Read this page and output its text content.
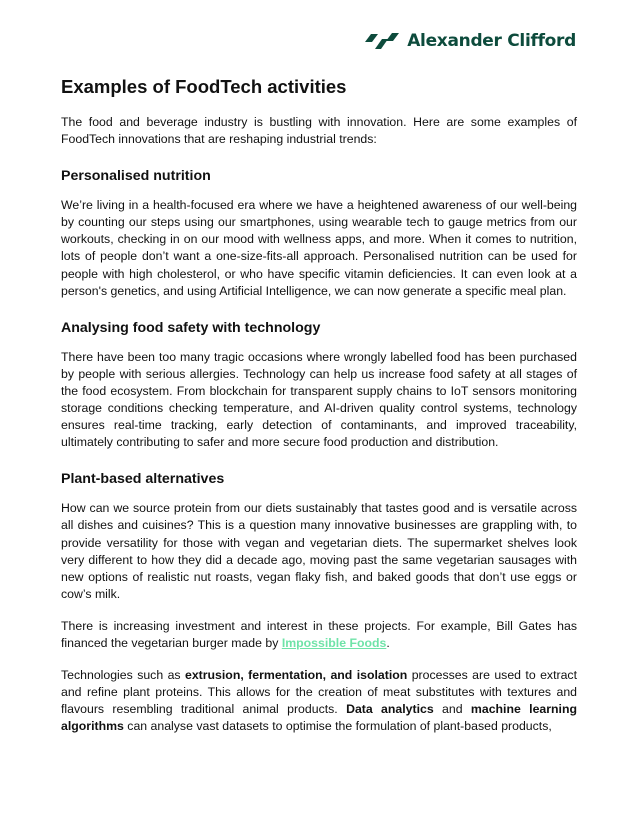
Alexander Clifford
Examples of FoodTech activities

The food and beverage industry is bustling with innovation. Here are some examples of FoodTech innovations that are reshaping industrial trends:

Personalised nutrition

We’re living in a health-focused era where we have a heightened awareness of our well-being by counting our steps using our smartphones, using wearable tech to gauge metrics from our workouts, checking in on our mood with wellness apps, and more. When it comes to nutrition, lots of people don’t want a one-size-fits-all approach. Personalised nutrition can be used for people with high cholesterol, or who have specific vitamin deficiencies. It can even look at a person's genetics, and using Artificial Intelligence, we can now generate a specific meal plan.

Analysing food safety with technology

There have been too many tragic occasions where wrongly labelled food has been purchased by people with serious allergies. Technology can help us increase food safety at all stages of the food ecosystem. From blockchain for transparent supply chains to IoT sensors monitoring storage conditions checking temperature, and AI-driven quality control systems, technology ensures real-time tracking, early detection of contaminants, and improved traceability, ultimately contributing to safer and more secure food production and distribution.

Plant-based alternatives

How can we source protein from our diets sustainably that tastes good and is versatile across all dishes and cuisines? This is a question many innovative businesses are grappling with, to provide versatility for those with vegan and vegetarian diets. The supermarket shelves look very different to how they did a decade ago, moving past the same vegetarian sausages with new options of realistic nut roasts, vegan flaky fish, and baked goods that don’t use eggs or cow’s milk.

There is increasing investment and interest in these projects. For example, Bill Gates has financed the vegetarian burger made by Impossible Foods.

Technologies such as extrusion, fermentation, and isolation processes are used to extract and refine plant proteins. This allows for the creation of meat substitutes with textures and flavours resembling traditional animal products. Data analytics and machine learning algorithms can analyse vast datasets to optimise the formulation of plant-based products,
